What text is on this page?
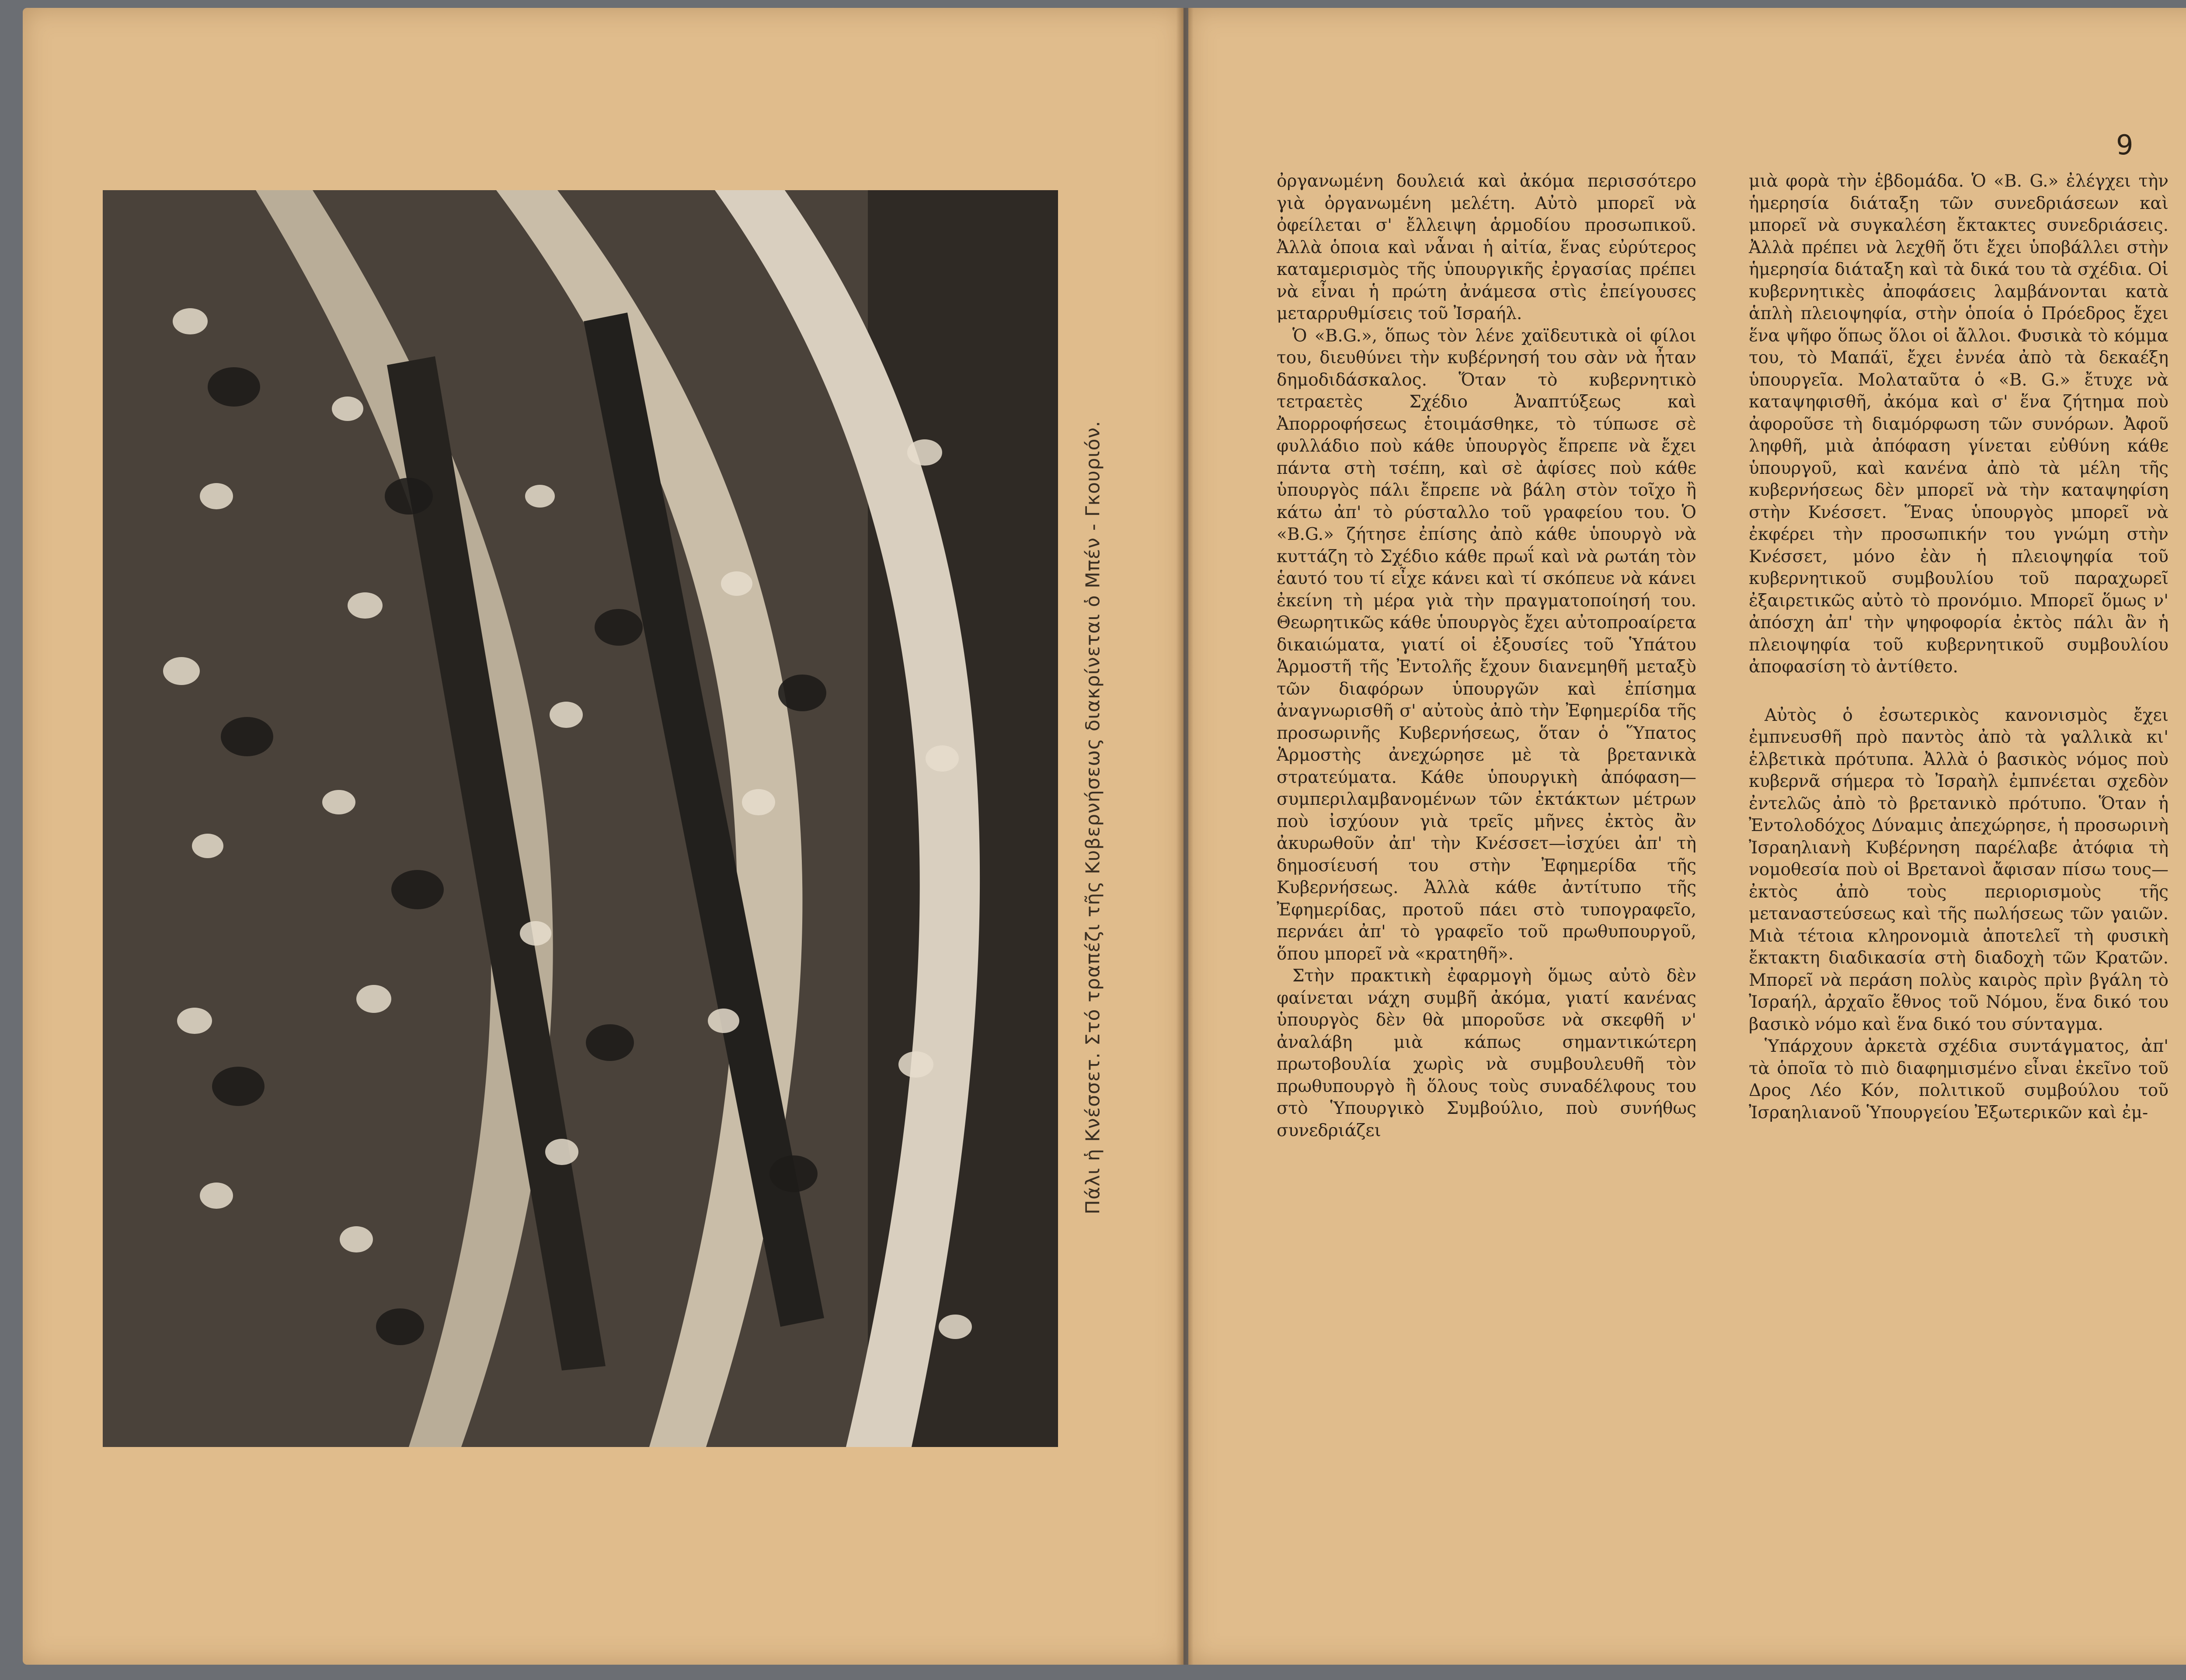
Πάλι ἡ Κνέσσετ. Στό τραπέζι τῆς Κυβερνήσεως διακρίνεται ὁ Μπέν - Γκουριόν.
9

ὀργανωμένη δουλειά καὶ ἀκόμα περισσότερο γιὰ ὀργανωμένη μελέτη. Αὐτὸ μπορεῖ νὰ ὀφείλεται σ' ἔλλειψη ἁρμοδίου προσωπικοῦ. Ἀλλὰ ὁποια καὶ νἆναι ἡ αἰτία, ἕνας εὐρύτερος καταμερισμὸς τῆς ὑπουργικῆς ἐργασίας πρέπει νὰ εἶναι ἡ πρώτη ἀνάμεσα στὶς ἐπείγουσες μεταρρυθμίσεις τοῦ Ἰσραήλ.

Ὁ «B.G.», ὅπως τὸν λένε χαϊδευτικὰ οἱ φίλοι του, διευθύνει τὴν κυβέρνησή του σὰν νὰ ἦταν δημοδιδάσκαλος. Ὅταν τὸ κυβερνητικὸ τετραετὲς Σχέδιο Ἀναπτύξεως καὶ Ἀπορροφήσεως ἑτοιμάσθηκε, τὸ τύπωσε σὲ φυλλάδιο ποὺ κάθε ὑπουργὸς ἔπρεπε νὰ ἔχει πάντα στὴ τσέπη, καὶ σὲ ἀφίσες ποὺ κάθε ὑπουργὸς πάλι ἔπρεπε νὰ βάλη στὸν τοῖχο ἢ κάτω ἀπ' τὸ ρύσταλλο τοῦ γραφείου του. Ὁ «B.G.» ζήτησε ἐπίσης ἀπὸ κάθε ὑπουργὸ νὰ κυττάζη τὸ Σχέδιο κάθε πρωΐ καὶ νὰ ρωτάη τὸν ἑαυτό του τί εἶχε κάνει καὶ τί σκόπευε νὰ κάνει ἐκείνη τὴ μέρα γιὰ τὴν πραγματοποίησή του. Θεωρητικῶς κάθε ὑπουργὸς ἔχει αὐτοπροαίρετα δικαιώματα, γιατί οἱ ἐξουσίες τοῦ Ὑπάτου Ἁρμοστῆ τῆς Ἐντολῆς ἔχουν διανεμηθῆ μεταξὺ τῶν διαφόρων ὑπουργῶν καὶ ἐπίσημα ἀναγνωρισθῆ σ' αὐτοὺς ἀπὸ τὴν Ἐφημερίδα τῆς προσωρινῆς Κυβερνήσεως, ὅταν ὁ Ὕπατος Ἁρμοστὴς ἀνεχώρησε μὲ τὰ βρετανικὰ στρατεύματα. Κάθε ὑπουργικὴ ἀπόφαση—συμπεριλαμβανομένων τῶν ἐκτάκτων μέτρων ποὺ ἰσχύουν γιὰ τρεῖς μῆνες ἐκτὸς ἂν ἀκυρωθοῦν ἀπ' τὴν Κνέσσετ—ἰσχύει ἀπ' τὴ δημοσίευσή του στὴν Ἐφημερίδα τῆς Κυβερνήσεως. Ἀλλὰ κάθε ἀντίτυπο τῆς Ἐφημερίδας, προτοῦ πάει στὸ τυπογραφεῖο, περνάει ἀπ' τὸ γραφεῖο τοῦ πρωθυπουργοῦ, ὅπου μπορεῖ νὰ «κρατηθῆ».

Στὴν πρακτικὴ ἐφαρμογὴ ὅμως αὐτὸ δὲν φαίνεται νάχη συμβῆ ἀκόμα, γιατί κανένας ὑπουργὸς δὲν θὰ μποροῦσε νὰ σκεφθῆ ν' ἀναλάβη μιὰ κάπως σημαντικώτερη πρωτοβουλία χωρὶς νὰ συμβουλευθῆ τὸν πρωθυπουργὸ ἢ ὅλους τοὺς συναδέλφους του στὸ Ὑπουργικὸ Συμβούλιο, ποὺ συνήθως συνεδριάζει

μιὰ φορὰ τὴν ἑβδομάδα. Ὁ «B. G.» ἐλέγχει τὴν ἡμερησία διάταξη τῶν συνεδριάσεων καὶ μπορεῖ νὰ συγκαλέση ἔκτακτες συνεδριάσεις. Ἀλλὰ πρέπει νὰ λεχθῆ ὅτι ἔχει ὑποβάλλει στὴν ἡμερησία διάταξη καὶ τὰ δικά του τὰ σχέδια. Οἱ κυβερνητικὲς ἀποφάσεις λαμβάνονται κατὰ ἁπλὴ πλειοψηφία, στὴν ὁποία ὁ Πρόεδρος ἔχει ἕνα ψῆφο ὅπως ὅλοι οἱ ἄλλοι. Φυσικὰ τὸ κόμμα του, τὸ Μαπάϊ, ἔχει ἐννέα ἀπὸ τὰ δεκαέξη ὑπουργεῖα. Μολαταῦτα ὁ «B. G.» ἔτυχε νὰ καταψηφισθῆ, ἀκόμα καὶ σ' ἕνα ζήτημα ποὺ ἀφοροῦσε τὴ διαμόρφωση τῶν συνόρων. Ἀφοῦ ληφθῆ, μιὰ ἀπόφαση γίνεται εὐθύνη κάθε ὑπουργοῦ, καὶ κανένα ἀπὸ τὰ μέλη τῆς κυβερνήσεως δὲν μπορεῖ νὰ τὴν καταψηφίση στὴν Κνέσσετ. Ἕνας ὑπουργὸς μπορεῖ νὰ ἐκφέρει τὴν προσωπικήν του γνώμη στὴν Κνέσσετ, μόνο ἐὰν ἡ πλειοψηφία τοῦ κυβερνητικοῦ συμβουλίου τοῦ παραχωρεῖ ἐξαιρετικῶς αὐτὸ τὸ προνόμιο. Μπορεῖ ὅμως ν' ἀπόσχη ἀπ' τὴν ψηφοφορία ἐκτὸς πάλι ἂν ἡ πλειοψηφία τοῦ κυβερνητικοῦ συμβουλίου ἀποφασίση τὸ ἀντίθετο.

Αὐτὸς ὁ ἐσωτερικὸς κανονισμὸς ἔχει ἐμπνευσθῆ πρὸ παντὸς ἀπὸ τὰ γαλλικὰ κι' ἑλβετικὰ πρότυπα. Ἀλλὰ ὁ βασικὸς νόμος ποὺ κυβερνᾶ σήμερα τὸ Ἰσραὴλ ἐμπνέεται σχεδὸν ἐντελῶς ἀπὸ τὸ βρετανικὸ πρότυπο. Ὅταν ἡ Ἐντολοδόχος Δύναμις ἀπεχώρησε, ἡ προσωρινὴ Ἰσραηλιανὴ Κυβέρνηση παρέλαβε ἀτόφια τὴ νομοθεσία ποὺ οἱ Βρετανοὶ ἄφισαν πίσω τους—ἐκτὸς ἀπὸ τοὺς περιορισμοὺς τῆς μεταναστεύσεως καὶ τῆς πωλήσεως τῶν γαιῶν. Μιὰ τέτοια κληρονομιὰ ἀποτελεῖ τὴ φυσικὴ ἔκτακτη διαδικασία στὴ διαδοχὴ τῶν Κρατῶν. Μπορεῖ νὰ περάση πολὺς καιρὸς πρὶν βγάλη τὸ Ἰσραήλ, ἀρχαῖο ἔθνος τοῦ Νόμου, ἕνα δικό του βασικὸ νόμο καὶ ἕνα δικό του σύνταγμα.

Ὑπάρχουν ἀρκετὰ σχέδια συντάγματος, ἀπ' τὰ ὁποῖα τὸ πιὸ διαφημισμένο εἶναι ἐκεῖνο τοῦ Δρος Λέο Κόν, πολιτικοῦ συμβούλου τοῦ Ἰσραηλιανοῦ Ὑπουργείου Ἐξωτερικῶν καὶ ἐμ-
